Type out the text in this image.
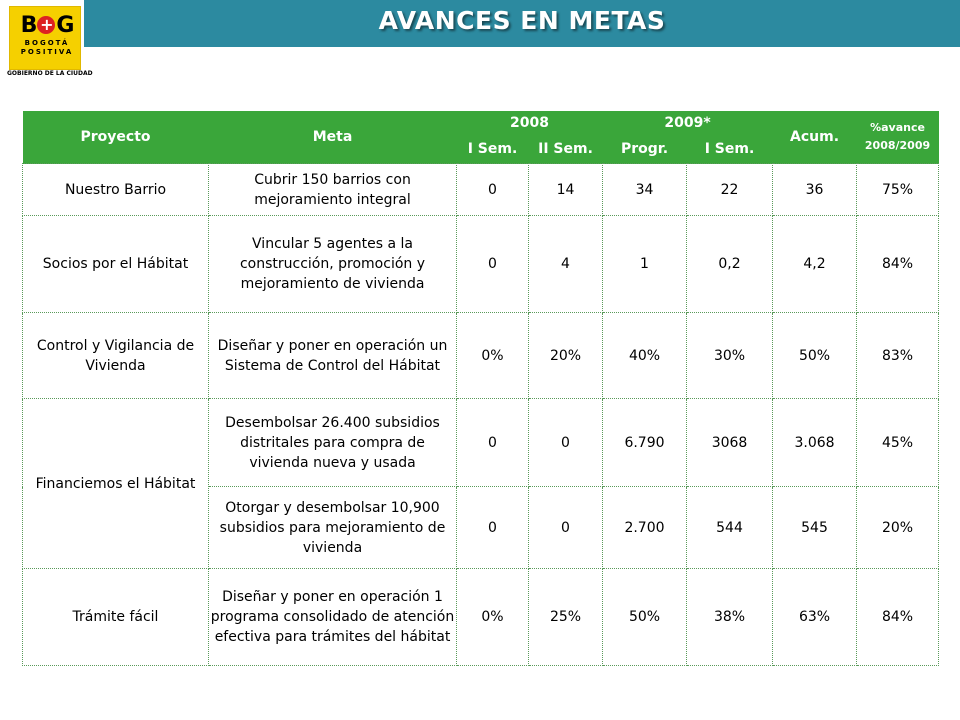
B + G
BOGOTÁ
POSITIVA
GOBIERNO DE LA CIUDAD
AVANCES EN METAS
Proyecto	Meta	2008		2009*		Acum.	%avance
2008/2009

		I Sem.	II Sem.	Progr.	I Sem.		
Nuestro Barrio	Cubrir 150 barrios con mejoramiento integral	0	14	34	22	36	75%
Socios por el Hábitat	Vincular 5 agentes a la construcción, promoción y mejoramiento de vivienda	0	4	1	0,2	4,2	84%
Control y Vigilancia de Vivienda	Diseñar y poner en operación un Sistema de Control del Hábitat	0%	20%	40%	30%	50%	83%
Financiemos el Hábitat	Desembolsar 26.400 subsidios distritales para compra de vivienda nueva y usada	0	0	6.790	3068	3.068	45%
	Otorgar y desembolsar 10,900 subsidios para mejoramiento de vivienda	0	0	2.700	544	545	20%
Trámite fácil	Diseñar y poner en operación 1 programa consolidado de atención efectiva para trámites del hábitat	0%	25%	50%	38%	63%	84%
